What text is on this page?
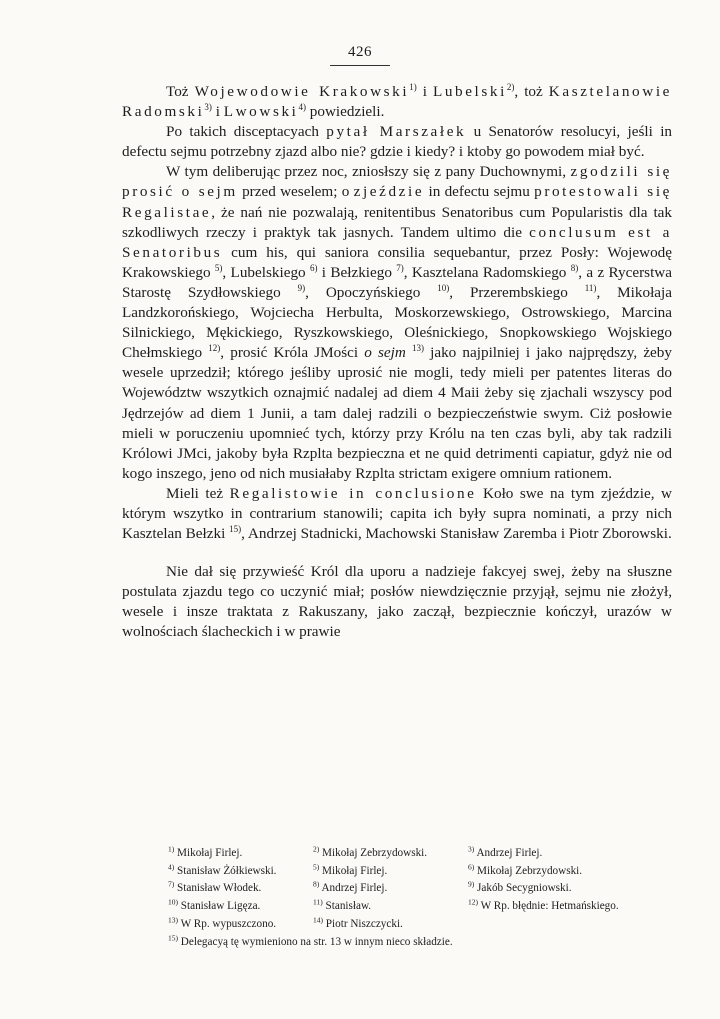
426

Toż Wojewodowie Krakowski$^{1)}$ i Lubelski$^{2)}$, toż Kasztelanowie Radomski$^{3)}$ i Lwowski$^{4)}$ powiedzieli.

Po takich disceptacyach pytał Marszałek u Senatorów resolucyi, jeśli in defectu sejmu potrzebny zjazd albo nie? gdzie i kiedy? i ktoby go powodem miał być.

W tym deliberując przez noc, zniosłszy się z pany Duchownymi, zgodzili się prosić o sejm przed weselem; o zjeździe in defectu sejmu protestowali się Regalistae, że nań nie pozwalają, renitentibus Senatoribus cum Popularistis dla tak szkodliwych rzeczy i praktyk tak jasnych. Tandem ultimo die conclusum est a Senatoribus cum his, qui saniora consilia sequebantur, przez Posły: Wojewodę Krakowskiego $^{5)}$, Lubelskiego $^{6)}$ i Bełzkiego $^{7)}$, Kasztelana Radomskiego $^{8)}$, a z Rycerstwa Starostę Szydłowskiego $^{9)}$, Opoczyńskiego $^{10)}$, Przerembskiego $^{11)}$, Mikołaja Landzkorońskiego, Wojciecha Herbulta, Moskorzewskiego, Ostrowskiego, Marcina Silnickiego, Mękickiego, Ryszkowskiego, Oleśnickiego, Snopkowskiego Wojskiego Chełmskiego $^{12)}$, prosić Króla JMości o sejm $^{13)}$ jako najpilniej i jako najprędszy, żeby wesele uprzedził; którego jeśliby uprosić nie mogli, tedy mieli per patentes literas do Województw wszytkich oznajmić nadalej ad diem 4 Maii żeby się zjachali wszyscy pod Jędrzejów ad diem 1 Junii, a tam dalej radzili o bezpieczeństwie swym. Ciż posłowie mieli w poruczeniu upomnieć tych, którzy przy Królu na ten czas byli, aby tak radzili Królowi JMci, jakoby była Rzplta bezpieczna et ne quid detrimenti capiatur, gdyż nie od kogo inszego, jeno od nich musiałaby Rzplta strictam exigere omnium rationem.

Mieli też Regalistowie in conclusione Koło swe na tym zjeździe, w którym wszytko in contrarium stanowili; capita ich były supra nominati, a przy nich Kasztelan Bełzki $^{15)}$, Andrzej Stadnicki, Machowski Stanisław Zaremba i Piotr Zborowski.

Nie dał się przywieść Król dla uporu a nadzieje fakcyej swej, żeby na słuszne postulata zjazdu tego co uczynić miał; posłów niewdzięcznie przyjął, sejmu nie złożył, wesele i insze traktata z Rakuszany, jako zaczął, bezpiecznie kończył, urazów w wolnościach ślacheckich i w prawie

$^{1)}$ Mikołaj Firlej.	$^{2)}$ Mikołaj Zebrzydowski.	$^{3)}$ Andrzej Firlej.
$^{4)}$ Stanisław Żółkiewski.	$^{5)}$ Mikołaj Firlej.	$^{6)}$ Mikołaj Zebrzydowski.
$^{7)}$ Stanisław Włodek.	$^{8)}$ Andrzej Firlej.	$^{9)}$ Jakób Secygniowski.
$^{10)}$ Stanisław Ligęza.	$^{11)}$ Stanisław.	$^{12)}$ W Rp. błędnie: Hetmańskiego.
$^{13)}$ W Rp. wypuszczono.	$^{14)}$ Piotr Niszczycki.
$^{15)}$ Delegacyą tę wymieniono na str. 13 w innym nieco składzie.
